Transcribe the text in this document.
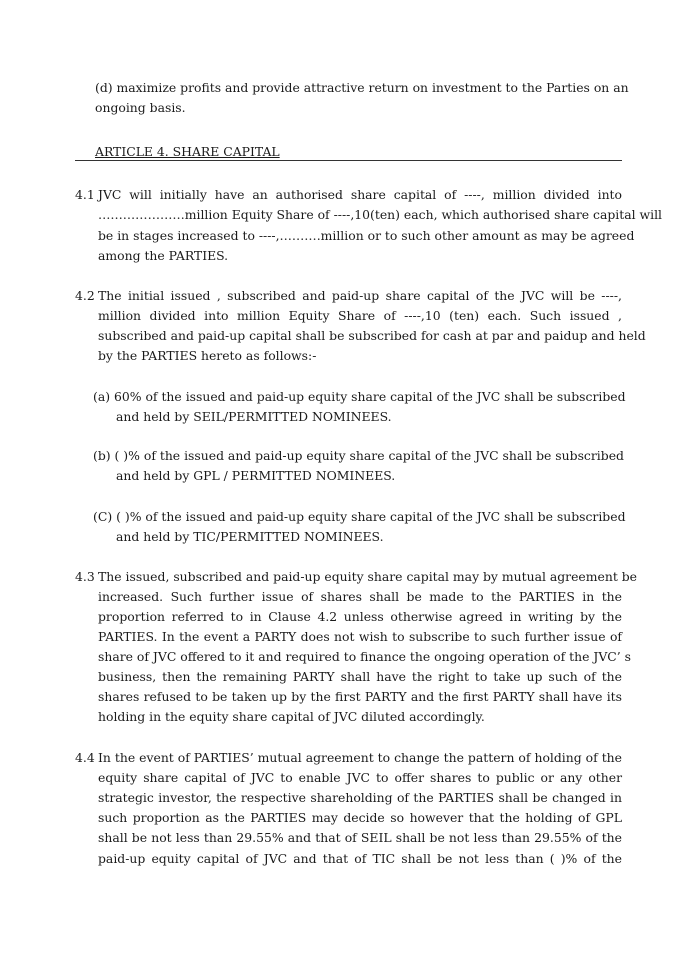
(d) maximize profits and provide attractive return on investment to the Parties on an
ongoing basis.
ARTICLE 4. SHARE CAPITAL
4.1 JVC will initially have an authorised share capital of ----, million divided into
…………………million Equity Share of ----,10(ten) each, which authorised share capital will
be in stages increased to ----,……….million or to such other amount as may be agreed
among the PARTIES.
4.2 The initial issued , subscribed and paid-up share capital of the JVC will be ----,
million divided into million Equity Share of ----,10 (ten) each. Such issued ,
subscribed and paid-up capital shall be subscribed for cash at par and paidup and held
by the PARTIES hereto as follows:-
(a) 60% of the issued and paid-up equity share capital of the JVC shall be subscribed
and held by SEIL/PERMITTED NOMINEES.
(b) ( )% of the issued and paid-up equity share capital of the JVC shall be subscribed
and held by GPL / PERMITTED NOMINEES.
(C) ( )% of the issued and paid-up equity share capital of the JVC shall be subscribed
and held by TIC/PERMITTED NOMINEES.
4.3 The issued, subscribed and paid-up equity share capital may by mutual agreement be
increased. Such further issue of shares shall be made to the PARTIES in the
proportion referred to in Clause 4.2 unless otherwise agreed in writing by the
PARTIES. In the event a PARTY does not wish to subscribe to such further issue of
share of JVC offered to it and required to finance the ongoing operation of the JVC’ s
business, then the remaining PARTY shall have the right to take up such of the
shares refused to be taken up by the first PARTY and the first PARTY shall have its
holding in the equity share capital of JVC diluted accordingly.
4.4 In the event of PARTIES’ mutual agreement to change the pattern of holding of the
equity share capital of JVC to enable JVC to offer shares to public or any other
strategic investor, the respective shareholding of the PARTIES shall be changed in
such proportion as the PARTIES may decide so however that the holding of GPL
shall be not less than 29.55% and that of SEIL shall be not less than 29.55% of the
paid-up equity capital of JVC and that of TIC shall be not less than ( )% of the
